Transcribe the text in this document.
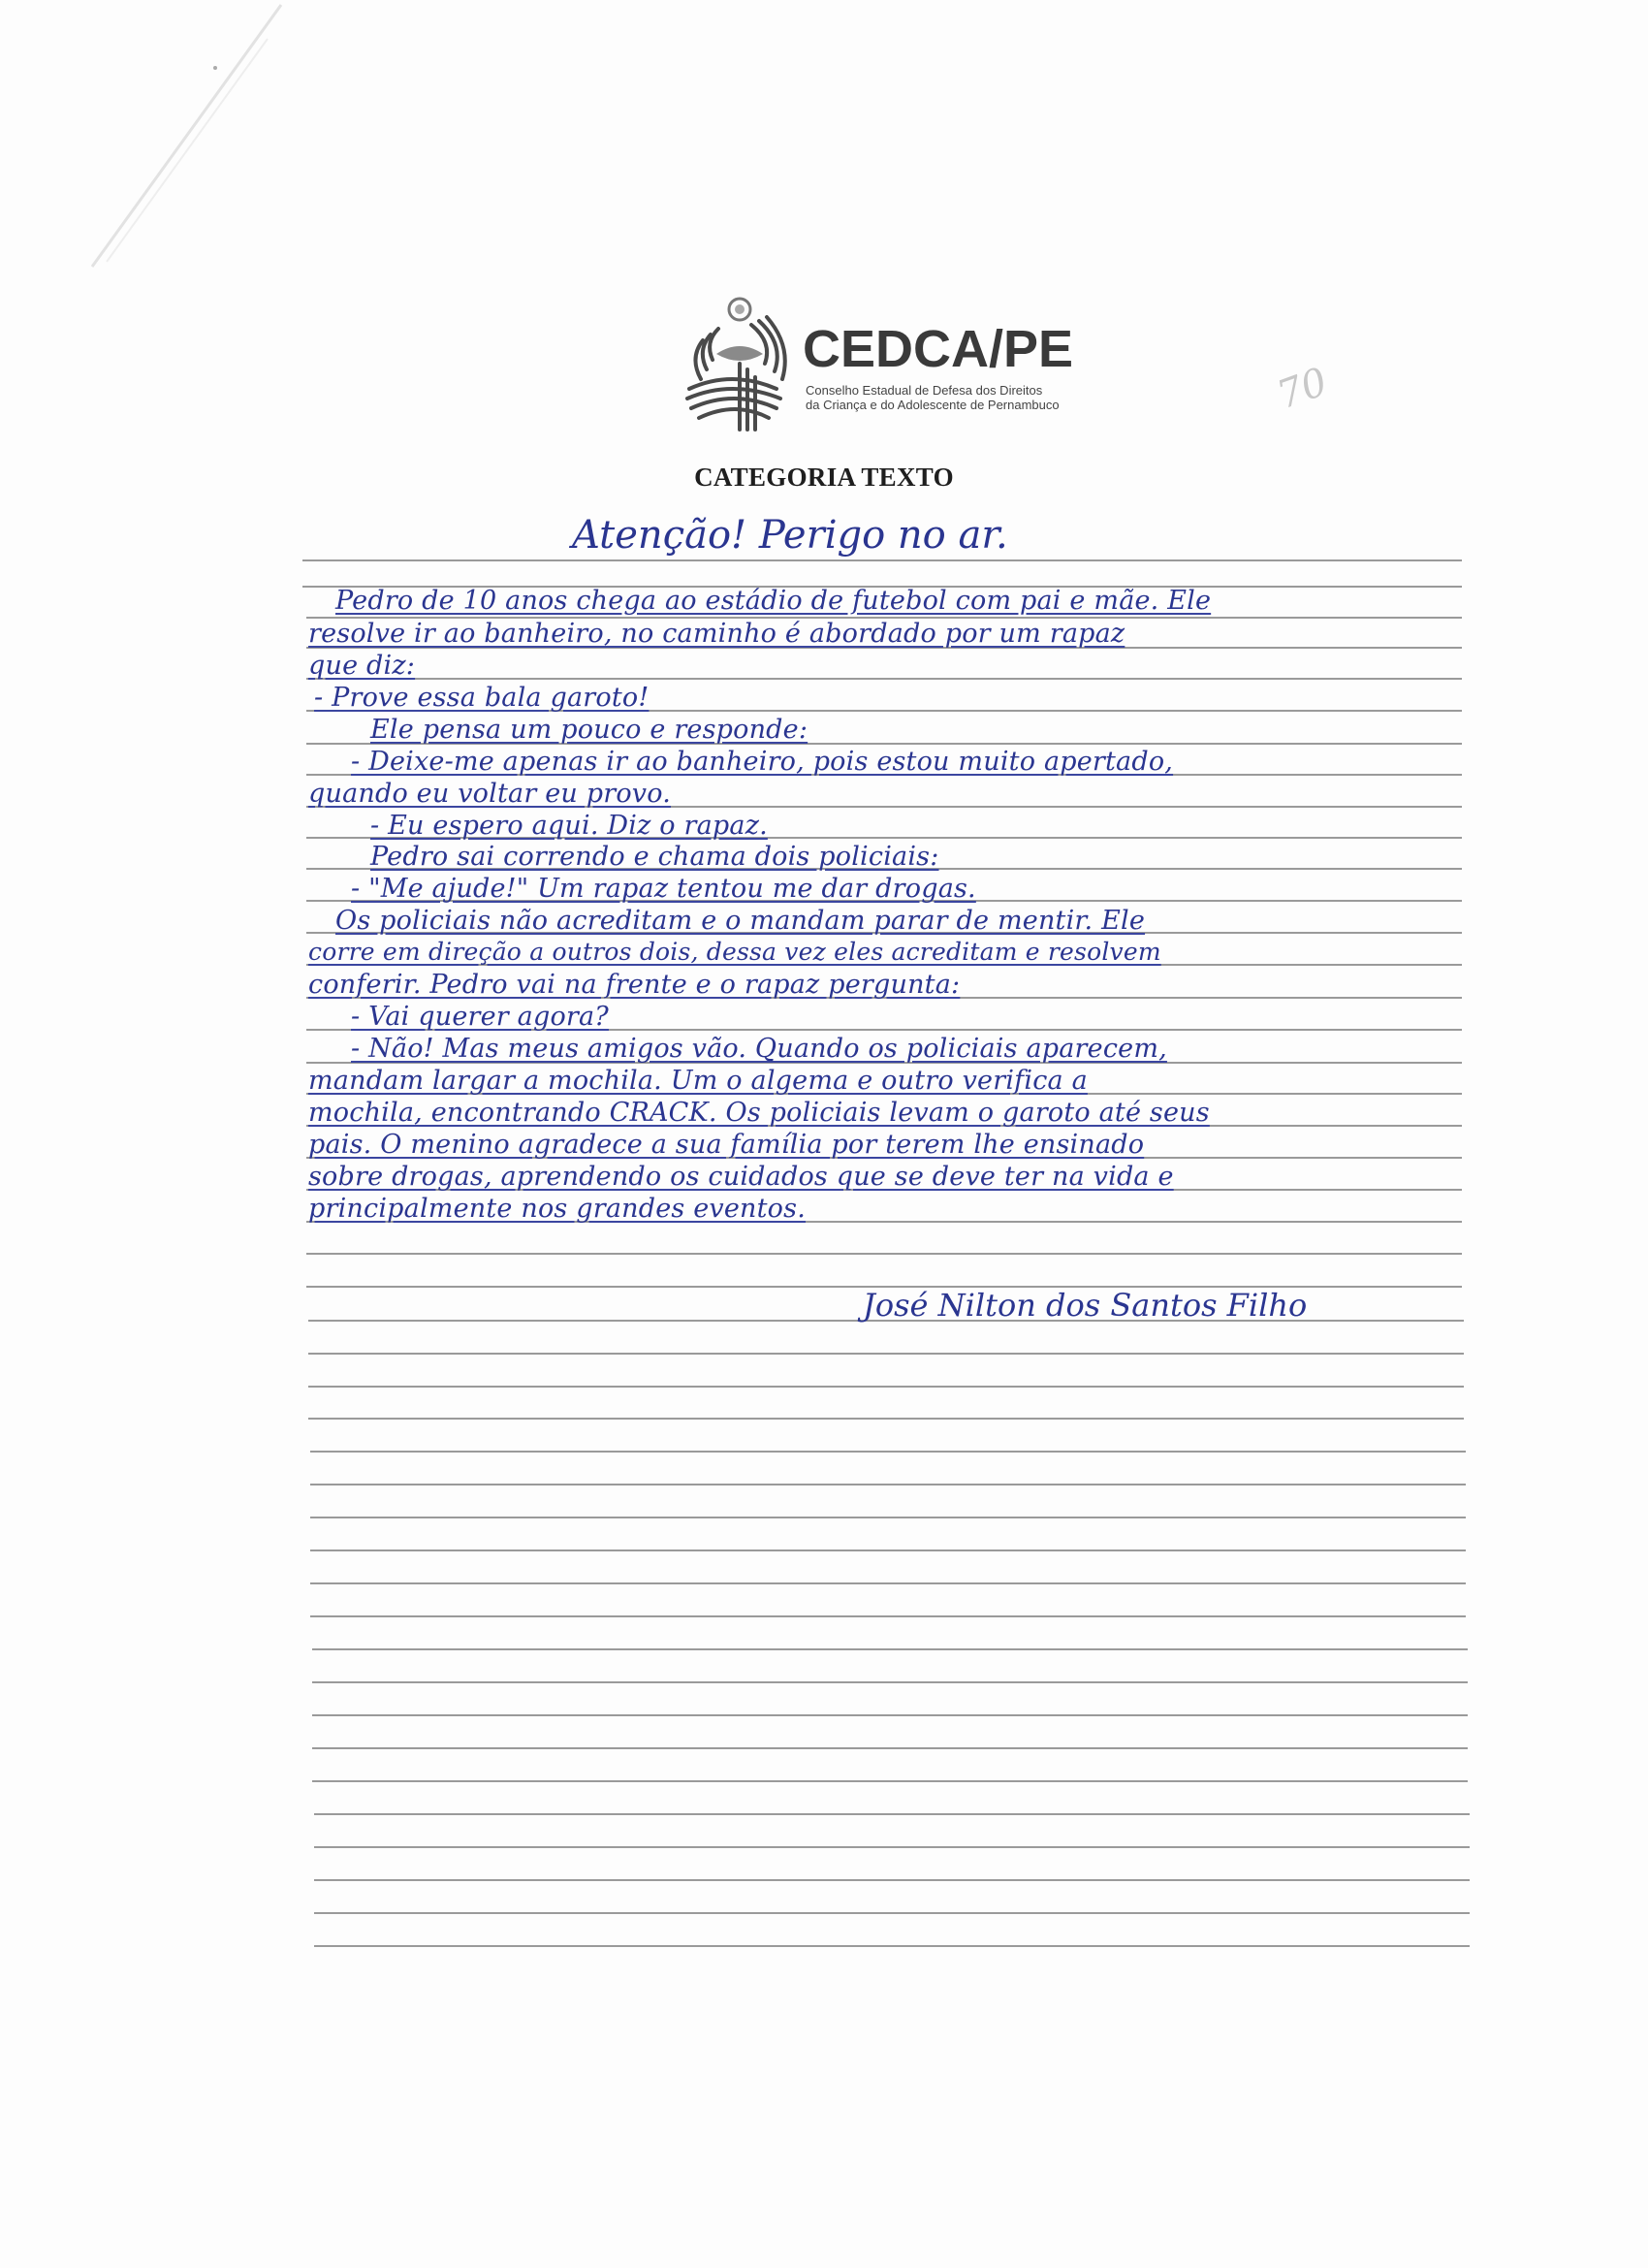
CEDCA/PE
Conselho Estadual de Defesa dos Direitos
da Criança e do Adolescente de Pernambuco	70
CATEGORIA TEXTO
Atenção! Perigo no ar.
Pedro de 10 anos chega ao estádio de futebol com pai e mãe. Ele
resolve ir ao banheiro, no caminho é abordado por um rapaz
que diz:
- Prove essa bala garoto!
Ele pensa um pouco e responde:
- Deixe-me apenas ir ao banheiro, pois estou muito apertado,
quando eu voltar eu provo.
- Eu espero aqui. Diz o rapaz.
Pedro sai correndo e chama dois policiais:
- "Me ajude!" Um rapaz tentou me dar drogas.
Os policiais não acreditam e o mandam parar de mentir. Ele
corre em direção a outros dois, dessa vez eles acreditam e resolvem
conferir. Pedro vai na frente e o rapaz pergunta:
- Vai querer agora?
- Não! Mas meus amigos vão. Quando os policiais aparecem,
mandam largar a mochila. Um o algema e outro verifica a
mochila, encontrando CRACK. Os policiais levam o garoto até seus
pais. O menino agradece a sua família por terem lhe ensinado
sobre drogas, aprendendo os cuidados que se deve ter na vida e
principalmente nos grandes eventos.
José Nilton dos Santos Filho
